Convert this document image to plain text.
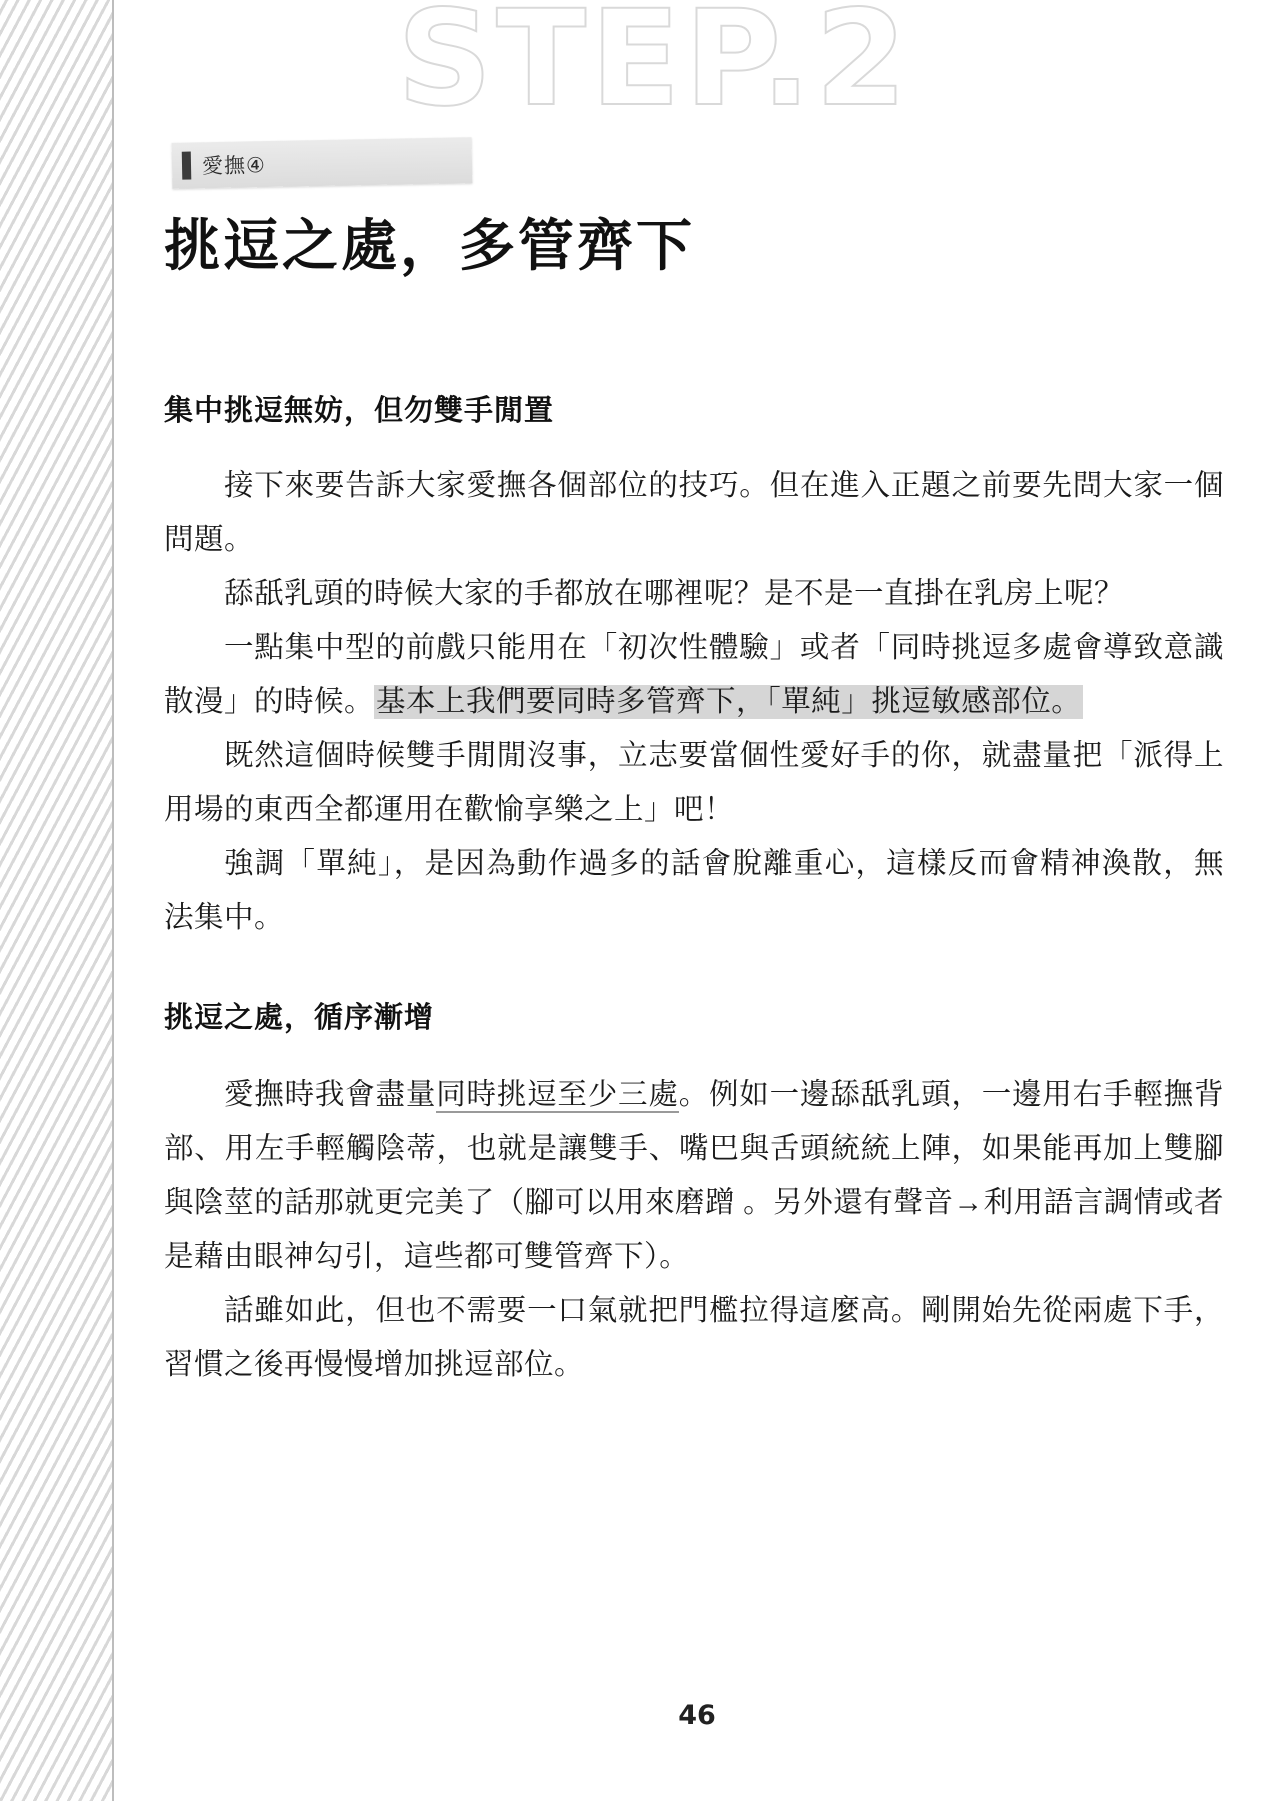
STEP.2
愛撫④
挑逗之處，多管齊下
集中挑逗無妨，但勿雙手閒置

接下來要告訴大家愛撫各個部位的技巧。但在進入正題之前要先問大家一個問題。

舔舐乳頭的時候大家的手都放在哪裡呢？是不是一直掛在乳房上呢？

一點集中型的前戲只能用在「初次性體驗」或者「同時挑逗多處會導致意識散漫」的時候。基本上我們要同時多管齊下，「單純」挑逗敏感部位。

既然這個時候雙手閒閒沒事，立志要當個性愛好手的你，就盡量把「派得上用場的東西全都運用在歡愉享樂之上」吧！

強調「單純」，是因為動作過多的話會脫離重心，這樣反而會精神渙散，無法集中。

挑逗之處，循序漸增

愛撫時我會盡量同時挑逗至少三處。例如一邊舔舐乳頭，一邊用右手輕撫背部、用左手輕觸陰蒂，也就是讓雙手、嘴巴與舌頭統統上陣，如果能再加上雙腳與陰莖的話那就更完美了（腳可以用來磨蹭 。另外還有聲音→利用語言調情或者是藉由眼神勾引，這些都可雙管齊下）。

話雖如此，但也不需要一口氣就把門檻拉得這麼高。剛開始先從兩處下手，習慣之後再慢慢增加挑逗部位。

46
